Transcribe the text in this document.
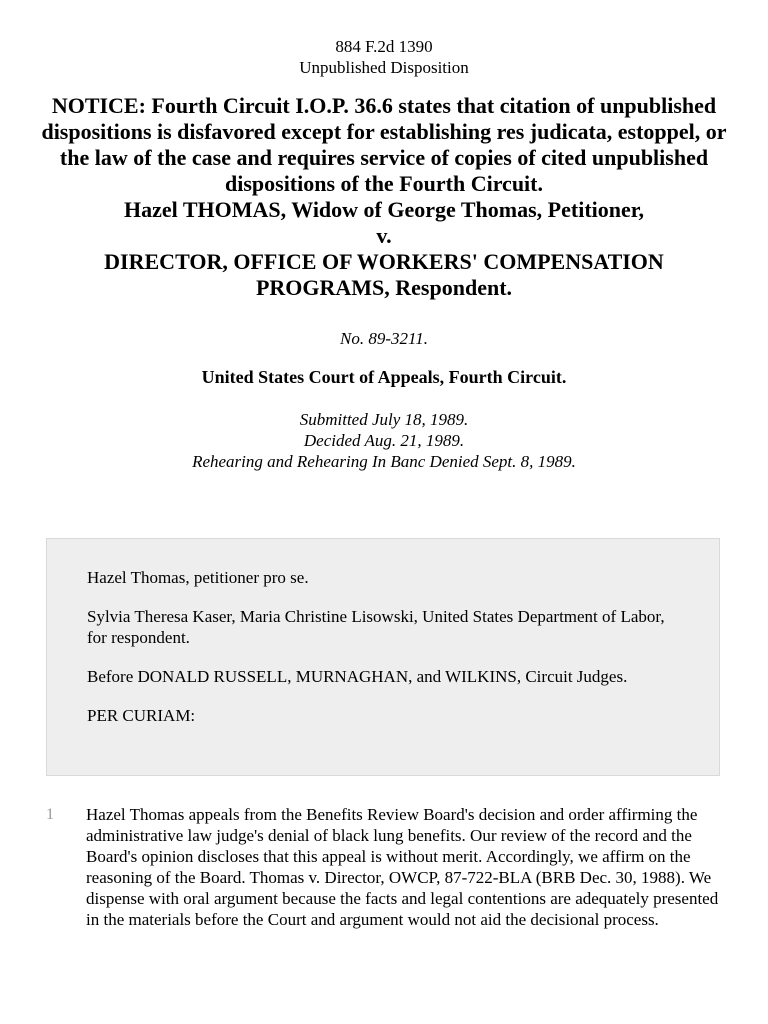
884 F.2d 1390
Unpublished Disposition
NOTICE: Fourth Circuit I.O.P. 36.6 states that citation of unpublished dispositions is disfavored except for establishing res judicata, estoppel, or the law of the case and requires service of copies of cited unpublished dispositions of the Fourth Circuit.
Hazel THOMAS, Widow of George Thomas, Petitioner,
v.
DIRECTOR, OFFICE OF WORKERS' COMPENSATION PROGRAMS, Respondent.
No. 89-3211.
United States Court of Appeals, Fourth Circuit.
Submitted July 18, 1989.
Decided Aug. 21, 1989.
Rehearing and Rehearing In Banc Denied Sept. 8, 1989.

Hazel Thomas, petitioner pro se.

Sylvia Theresa Kaser, Maria Christine Lisowski, United States Department of Labor, for respondent.

Before DONALD RUSSELL, MURNAGHAN, and WILKINS, Circuit Judges.

PER CURIAM:

1 Hazel Thomas appeals from the Benefits Review Board's decision and order affirming the administrative law judge's denial of black lung benefits. Our review of the record and the Board's opinion discloses that this appeal is without merit. Accordingly, we affirm on the reasoning of the Board. Thomas v. Director, OWCP, 87-722-BLA (BRB Dec. 30, 1988). We dispense with oral argument because the facts and legal contentions are adequately presented in the materials before the Court and argument would not aid the decisional process.
